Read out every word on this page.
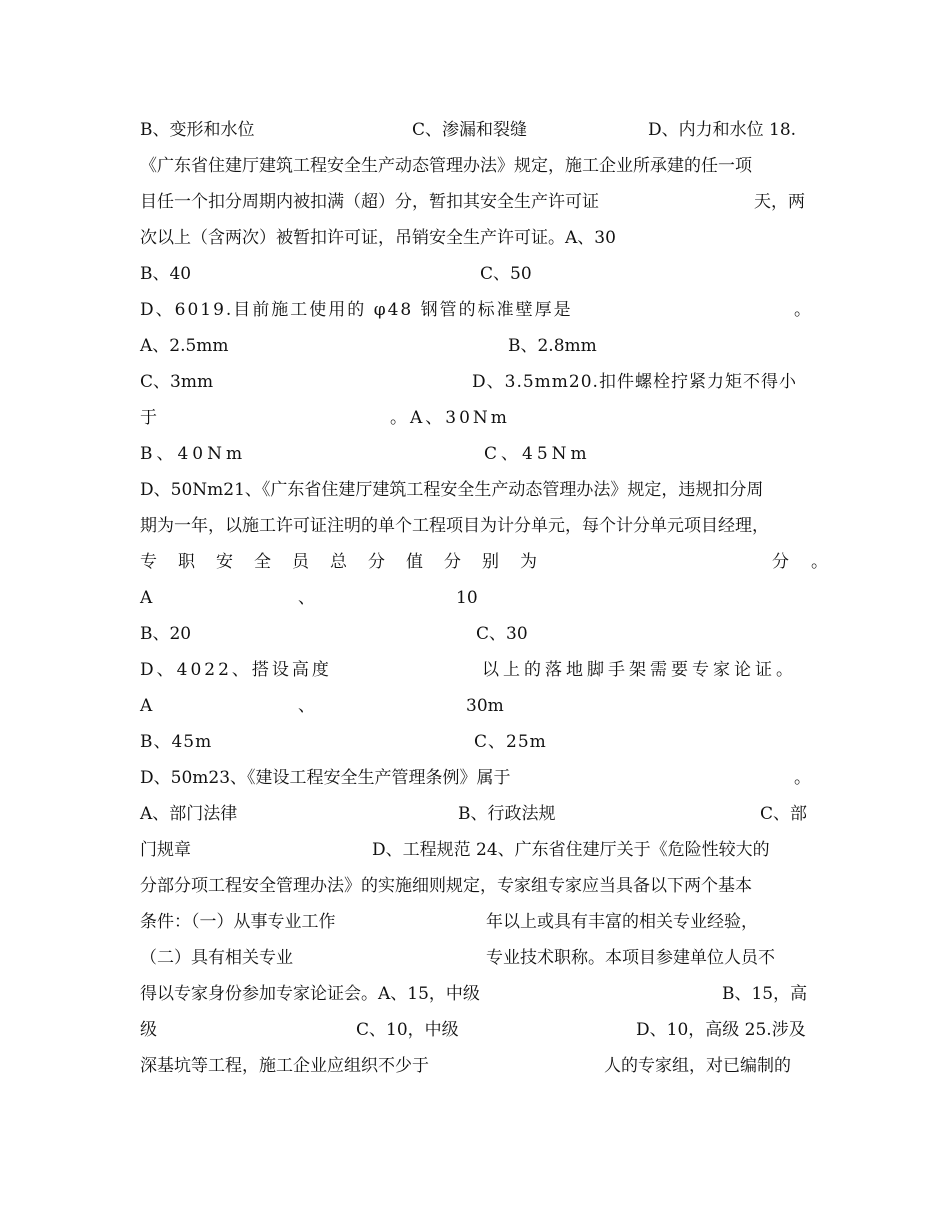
B、变形和水位	C、渗漏和裂缝	D、内力和水位 18.
《广东省住建厅建筑工程安全生产动态管理办法》规定，施工企业所承建的任一项
目任一个扣分周期内被扣满（超）分，暂扣其安全生产许可证	天，两
次以上（含两次）被暂扣许可证，吊销安全生产许可证。A、30
B、40	C、50
D、6019.目前施工使用的 φ48 钢管的标准壁厚是	。
A、2.5mm	B、2.8mm
C、3mm	D、3.5mm20.扣件螺栓拧紧力矩不得小
于	。A、30Nm
B、40Nm	C、45Nm
D、50Nm21、《广东省住建厅建筑工程安全生产动态管理办法》规定，违规扣分周
期为一年，以施工许可证注明的单个工程项目为计分单元，每个计分单元项目经理，
专职安全员总分值分别为	分。
A	、	10
B、20	C、30
D、4022、搭设高度	以上的落地脚手架需要专家论证。
A	、	30m
B、45m	C、25m
D、50m23、《建设工程安全生产管理条例》属于	。
A、部门法律	B、行政法规	C、部
门规章	D、工程规范 24、广东省住建厅关于《危险性较大的
分部分项工程安全管理办法》的实施细则规定，专家组专家应当具备以下两个基本
条件：（一）从事专业工作	年以上或具有丰富的相关专业经验，
（二）具有相关专业	专业技术职称。本项目参建单位人员不
得以专家身份参加专家论证会。A、15，中级	B、15，高
级	C、10，中级	D、10，高级 25.涉及
深基坑等工程，施工企业应组织不少于	人的专家组，对已编制的
